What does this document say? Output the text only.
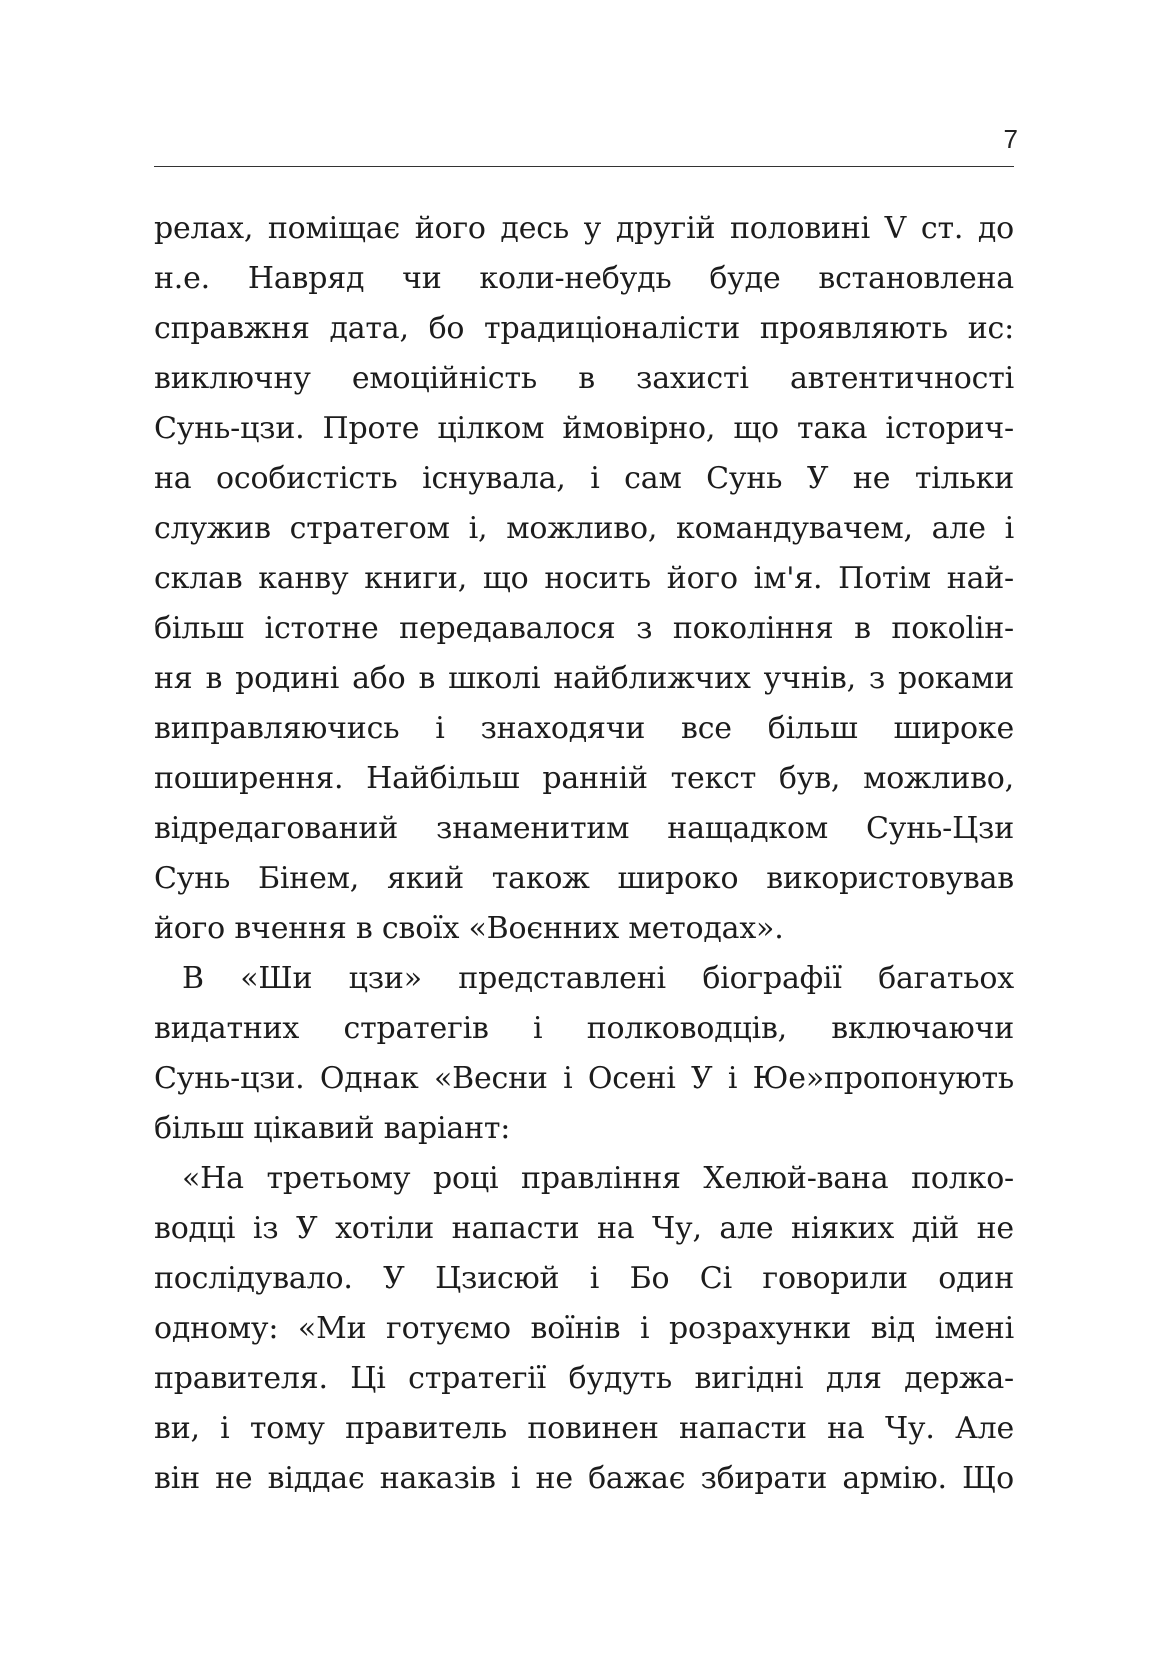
7

релах, поміщає його десь у другій половині V ст. до

н.е. Навряд чи коли-небудь буде встановлена

справжня дата, бо традиціоналісти проявляють ис:

виключну емоційність в захисті автентичності

Сунь-цзи. Проте цілком ймовірно, що така історич-

на особистість існувала, і сам Сунь У не тільки

служив стратегом і, можливо, командувачем, але і

склав канву книги, що носить його ім'я. Потім най-

більш істотне передавалося з покоління в покolін-

ня в родині або в школі найближчих учнів, з роками

виправляючись і знаходячи все більш широке

поширення. Найбільш ранній текст був, можливо,

відредагований знаменитим нащадком Сунь-Цзи

Сунь Бінем, який також широко використовував

його вчення в своїх «Воєнних методах».

В «Ши цзи» представлені біографії багатьох

видатних стратегів і полководців, включаючи

Сунь-цзи. Однак «Весни і Осені У і Юе»пропонують

більш цікавий варіант:

«На третьому році правління Хелюй-вана полко-

водці із У хотіли напасти на Чу, але ніяких дій не

послідувало. У Цзисюй і Бо Сі говорили один

одному: «Ми готуємо воїнів і розрахунки від імені

правителя. Ці стратегії будуть вигідні для держа-

ви, і тому правитель повинен напасти на Чу. Але

він не віддає наказів і не бажає збирати армію. Що
